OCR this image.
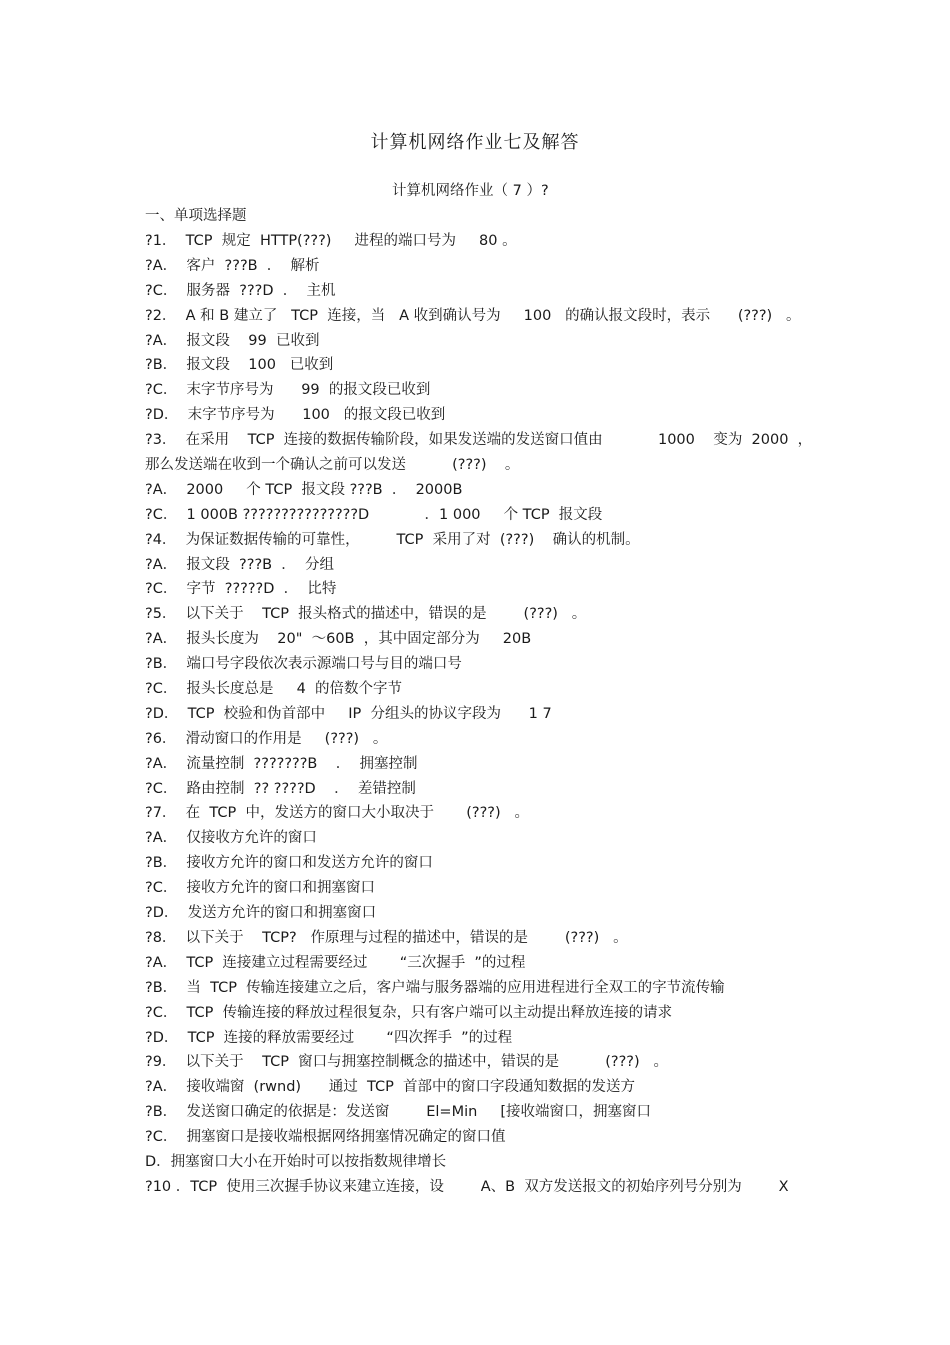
计算机网络作业七及解答
计算机网络作业（ 7 ）?
一、单项选择题
?1．  TCP  规定  HTTP(???)     进程的端口号为     80 。
?A．  客户  ???B  ．  解析
?C．  服务器  ???D  ．  主机
?2．  A 和 B 建立了   TCP  连接，当   A 收到确认号为     100   的确认报文段时，表示      (???)   。
?A．  报文段    99  已收到
?B．  报文段    100   已收到
?C．  末字节序号为      99  的报文段已收到
?D．  末字节序号为      100   的报文段已收到
?3．  在采用    TCP  连接的数据传输阶段，如果发送端的发送窗口值由            1000    变为  2000  ，
那么发送端在收到一个确认之前可以发送          (???)    。
?A．  2000     个 TCP  报文段 ???B  ．  2000B
?C．  1 000B ???????????????D            ．1 000     个 TCP  报文段
?4．  为保证数据传输的可靠性，        TCP  采用了对  (???)    确认的机制。
?A．  报文段  ???B  ．  分组
?C．  字节  ?????D  ．  比特
?5．  以下关于    TCP  报头格式的描述中，错误的是        (???)   。
?A．  报头长度为    20"  ～60B  ，其中固定部分为     20B
?B．  端口号字段依次表示源端口号与目的端口号
?C．  报头长度总是     4  的倍数个字节
?D．  TCP  校验和伪首部中     IP  分组头的协议字段为      1 7
?6．  滑动窗口的作用是     (???)   。
?A．  流量控制  ???????B    ．  拥塞控制
?C．  路由控制  ?? ????D    ．  差错控制
?7．  在  TCP  中，发送方的窗口大小取决于       (???)   。
?A．  仅接收方允许的窗口
?B．  接收方允许的窗口和发送方允许的窗口
?C．  接收方允许的窗口和拥塞窗口
?D．  发送方允许的窗口和拥塞窗口
?8．  以下关于    TCP?   作原理与过程的描述中，错误的是        (???)   。
?A．  TCP  连接建立过程需要经过       “三次握手  ”的过程
?B．  当  TCP  传输连接建立之后，客户端与服务器端的应用进程进行全双工的字节流传输
?C．  TCP  传输连接的释放过程很复杂，只有客户端可以主动提出释放连接的请求
?D．  TCP  连接的释放需要经过       “四次挥手  ”的过程
?9．  以下关于    TCP  窗口与拥塞控制概念的描述中，错误的是          (???)   。
?A．  接收端窗  (rwnd)      通过  TCP  首部中的窗口字段通知数据的发送方
?B．  发送窗口确定的依据是：发送窗        El=Min     [接收端窗口，拥塞窗口
?C．  拥塞窗口是接收端根据网络拥塞情况确定的窗口值
D．拥塞窗口大小在开始时可以按指数规律增长
?10 ．TCP  使用三次握手协议来建立连接，设        A、B  双方发送报文的初始序列号分别为        X
